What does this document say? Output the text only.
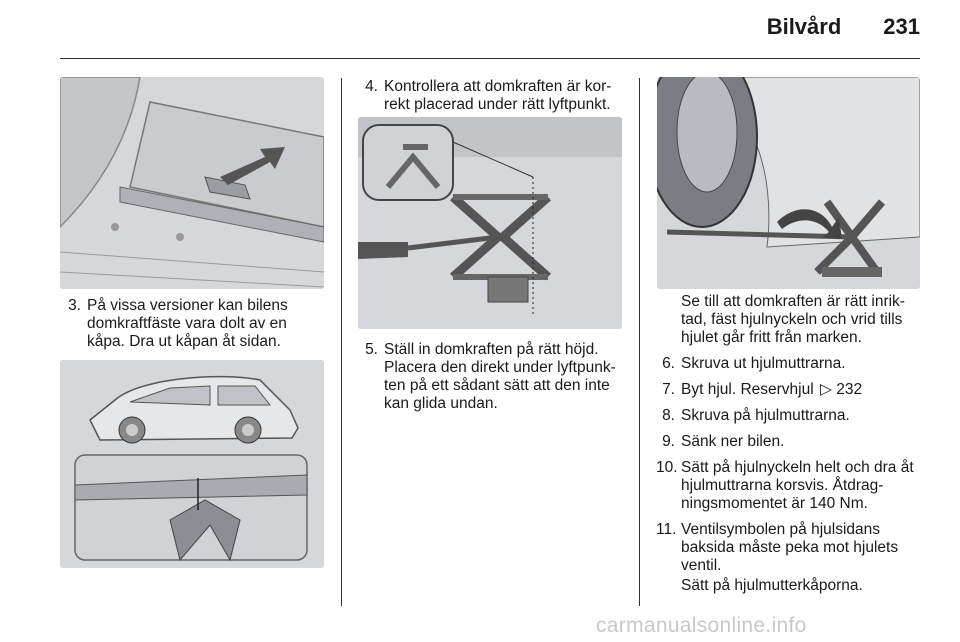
Bilvård 231
3. På vissa versioner kan bilens domkraftfäste vara dolt av en kåpa. Dra ut kåpan åt sidan.
4. Kontrollera att domkraften är kor-rekt placerad under rätt lyftpunkt.
5. Ställ in domkraften på rätt höjd. Placera den direkt under lyftpunk-ten på ett sådant sätt att den inte kan glida undan.
Se till att domkraften är rätt inrik-tad, fäst hjulnyckeln och vrid tills hjulet går fritt från marken.
6. Skruva ut hjulmuttrarna.
7. Byt hjul. Reservhjul ▷ 232
8. Skruva på hjulmuttrarna.
9. Sänk ner bilen.
10. Sätt på hjulnyckeln helt och dra åt hjulmuttrarna korsvis. Åtdrag-ningsmomentet är 140 Nm.
11. Ventilsymbolen på hjulsidans baksida måste peka mot hjulets ventil.
Sätt på hjulmutterkåporna.
carmanualsonline.info
